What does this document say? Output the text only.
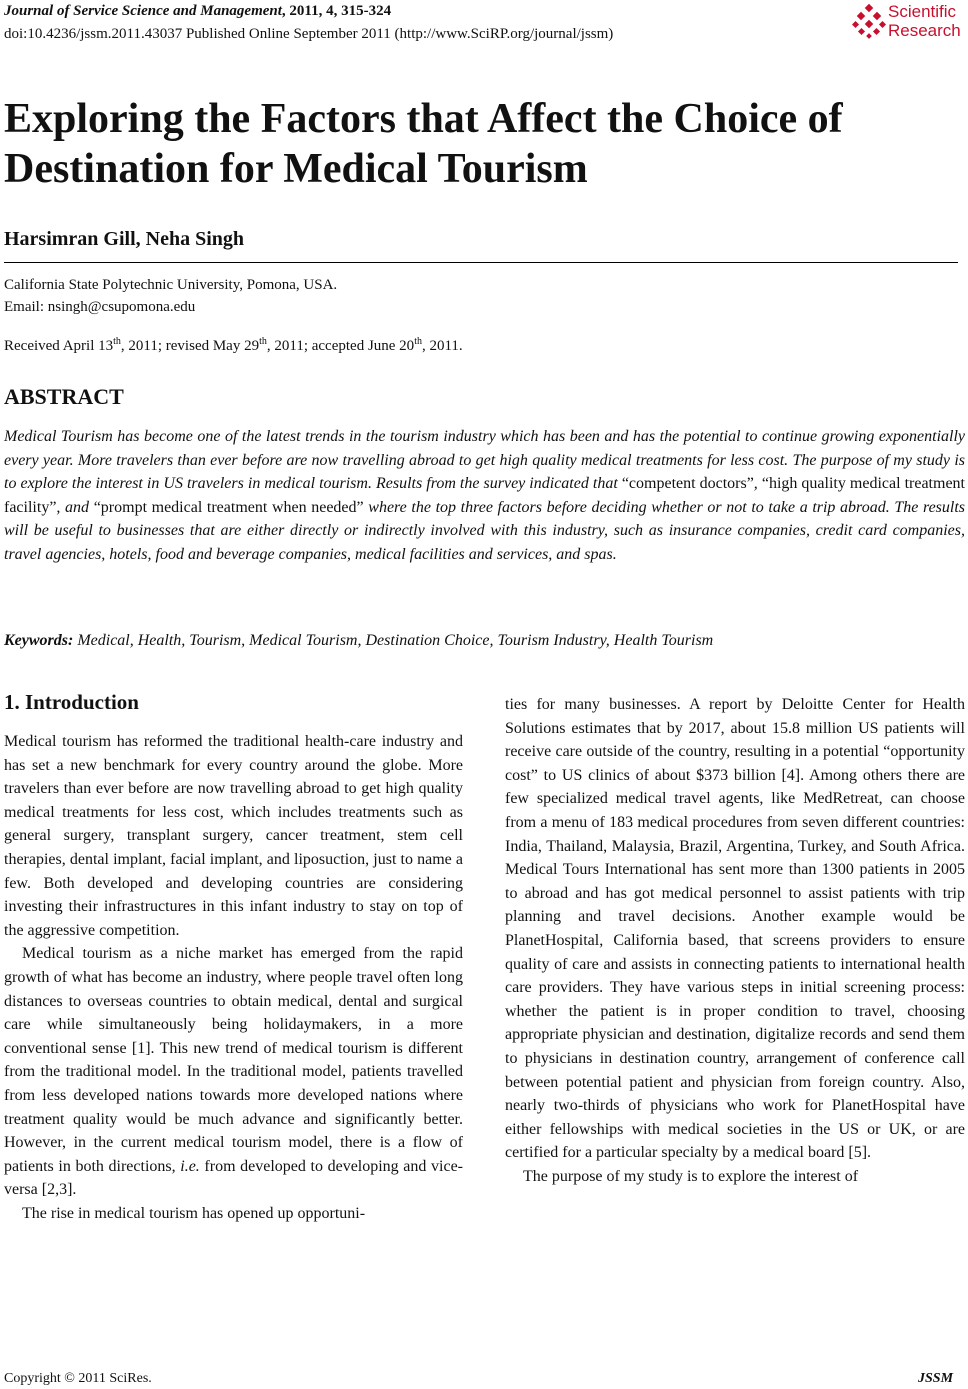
Journal of Service Science and Management, 2011, 4, 315-324
doi:10.4236/jssm.2011.43037 Published Online September 2011 (http://www.SciRP.org/journal/jssm)
Scientific
Research
Exploring the Factors that Affect the Choice of Destination for Medical Tourism
Harsimran Gill, Neha Singh
California State Polytechnic University, Pomona, USA.
Email: nsingh@csupomona.edu
Received April 13th, 2011; revised May 29th, 2011; accepted June 20th, 2011.
ABSTRACT
Medical Tourism has become one of the latest trends in the tourism industry which has been and has the potential to continue growing exponentially every year. More travelers than ever before are now travelling abroad to get high quality medical treatments for less cost. The purpose of my study is to explore the interest in US travelers in medical tourism. Results from the survey indicated that “competent doctors”, “high quality medical treatment facility”, and “prompt medical treatment when needed” where the top three factors before deciding whether or not to take a trip abroad. The results will be useful to businesses that are either directly or indirectly involved with this industry, such as insurance companies, credit card companies, travel agencies, hotels, food and beverage companies, medical facilities and services, and spas.
Keywords: Medical, Health, Tourism, Medical Tourism, Destination Choice, Tourism Industry, Health Tourism
1. Introduction

Medical tourism has reformed the traditional health-care industry and has set a new benchmark for every country around the globe. More travelers than ever before are now travelling abroad to get high quality medical treatments for less cost, which includes treatments such as general surgery, transplant surgery, cancer treatment, stem cell therapies, dental implant, facial implant, and liposuction, just to name a few. Both developed and developing countries are considering investing their infrastructures in this infant industry to stay on top of the aggressive competition.

Medical tourism as a niche market has emerged from the rapid growth of what has become an industry, where people travel often long distances to overseas countries to obtain medical, dental and surgical care while simultaneously being holidaymakers, in a more conventional sense [1]. This new trend of medical tourism is different from the traditional model. In the traditional model, patients travelled from less developed nations towards more developed nations where treatment quality would be much advance and significantly better. However, in the current medical tourism model, there is a flow of patients in both directions, i.e. from developed to developing and vice-versa [2,3].

The rise in medical tourism has opened up opportuni-

ties for many businesses. A report by Deloitte Center for Health Solutions estimates that by 2017, about 15.8 million US patients will receive care outside of the country, resulting in a potential “opportunity cost” to US clinics of about $373 billion [4]. Among others there are few specialized medical travel agents, like MedRetreat, can choose from a menu of 183 medical procedures from seven different countries: India, Thailand, Malaysia, Brazil, Argentina, Turkey, and South Africa. Medical Tours International has sent more than 1300 patients in 2005 to abroad and has got medical personnel to assist patients with trip planning and travel decisions. Another example would be PlanetHospital, California based, that screens providers to ensure quality of care and assists in connecting patients to international health care providers. They have various steps in initial screening process: whether the patient is in proper condition to travel, choosing appropriate physician and destination, digitalize records and send them to physicians in destination country, arrangement of conference call between potential patient and physician from foreign country. Also, nearly two-thirds of physicians who work for PlanetHospital have either fellowships with medical societies in the US or UK, or are certified for a particular specialty by a medical board [5].

The purpose of my study is to explore the interest of

Copyright © 2011 SciRes.	JSSM
